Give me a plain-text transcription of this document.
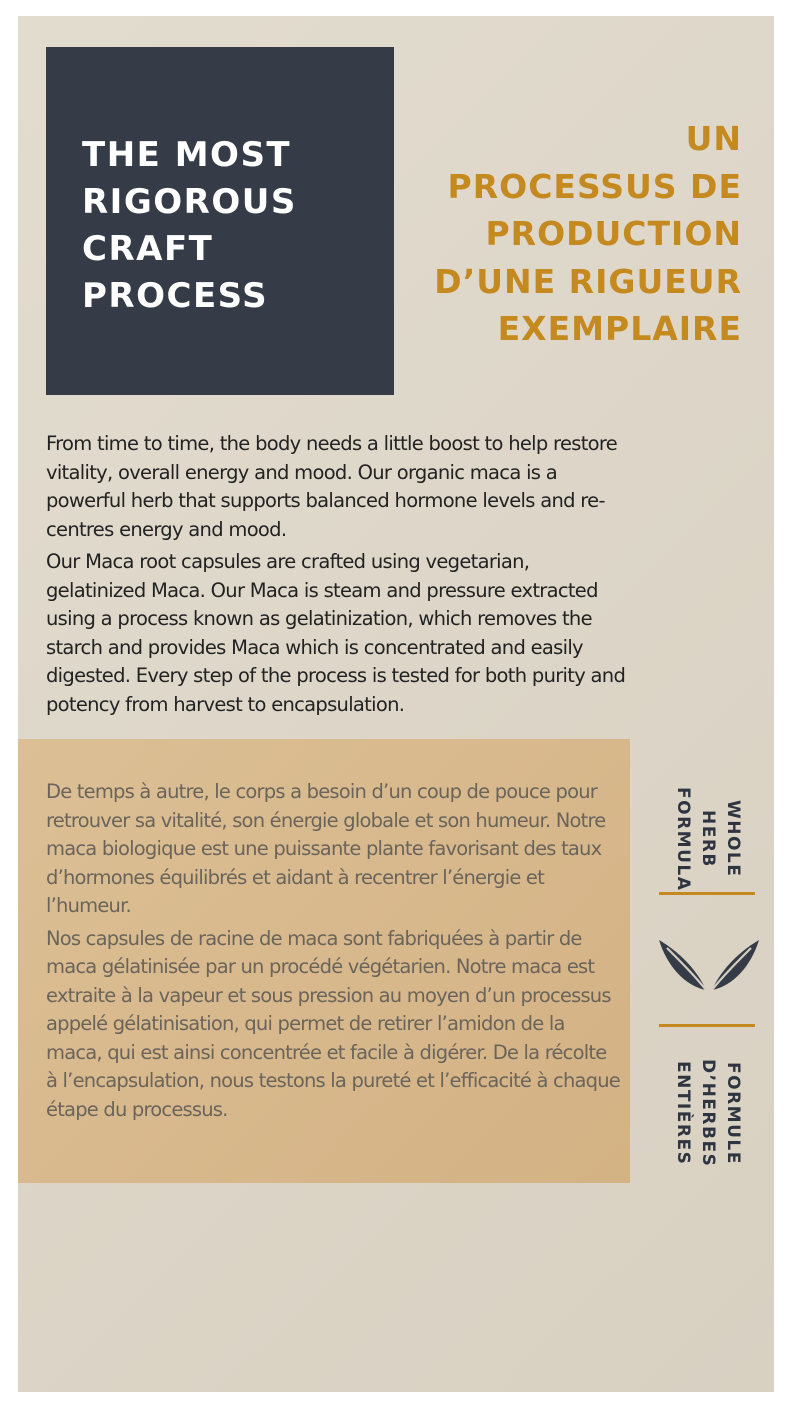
THE MOST
RIGOROUS
CRAFT
PROCESS
UN
PROCESSUS DE
PRODUCTION
D’UNE RIGUEUR
EXEMPLAIRE

From time to time, the body needs a little boost to help restore vitality, overall energy and mood. Our organic maca is a powerful herb that supports balanced hormone levels and re-centres energy and mood.

Our Maca root capsules are crafted using vegetarian, gelatinized Maca. Our Maca is steam and pressure extracted using a process known as gelatinization, which removes the starch and provides Maca which is concentrated and easily digested. Every step of the process is tested for both purity and potency from harvest to encapsulation.

De temps à autre, le corps a besoin d’un coup de pouce pour retrouver sa vitalité, son énergie globale et son humeur. Notre maca biologique est une puissante plante favorisant des taux d’hormones équilibrés et aidant à recentrer l’énergie et l’humeur.

Nos capsules de racine de maca sont fabriquées à partir de maca gélatinisée par un procédé végétarien. Notre maca est extraite à la vapeur et sous pression au moyen d’un processus appelé gélatinisation, qui permet de retirer l’amidon de la maca, qui est ainsi concentrée et facile à digérer. De la récolte à l’encapsulation, nous testons la pureté et l’efficacité à chaque étape du processus.

WHOLE
HERB
FORMULA
FORMULE
D’HERBES
ENTIÈRES
